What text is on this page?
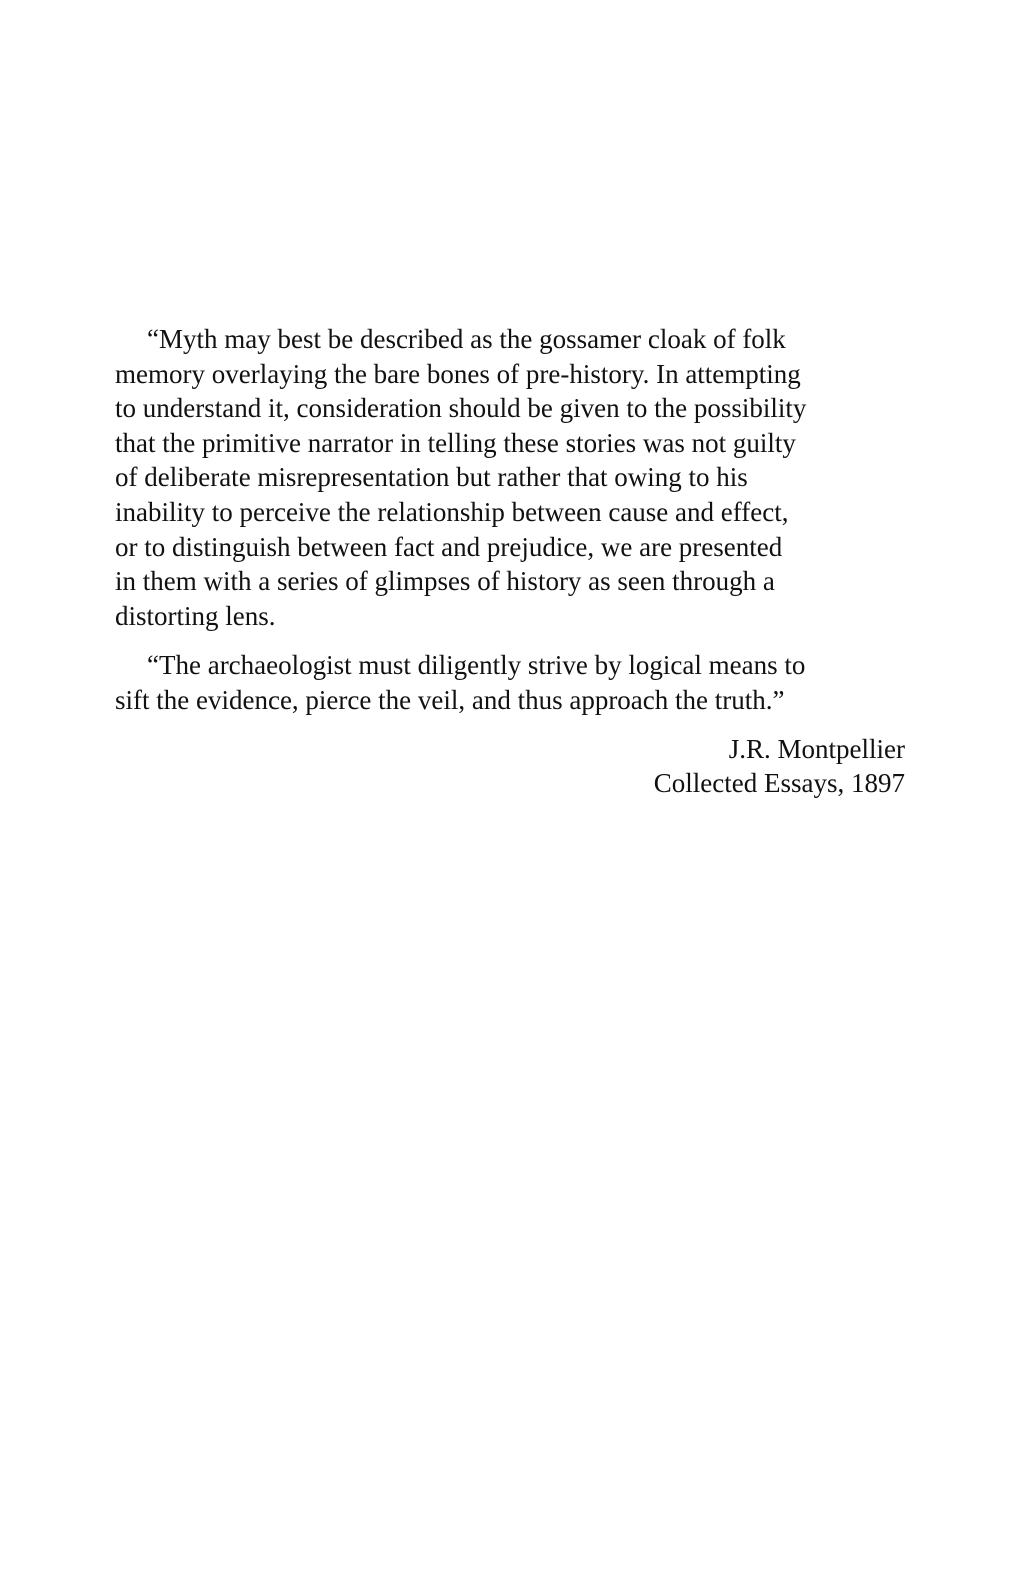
“Myth may best be described as the gossamer cloak of folk
memory overlaying the bare bones of pre-history. In attempting
to understand it, consideration should be given to the possibility
that the primitive narrator in telling these stories was not guilty
of deliberate misrepresentation but rather that owing to his
inability to perceive the relationship between cause and effect,
or to distinguish between fact and prejudice, we are presented
in them with a series of glimpses of history as seen through a
distorting lens.

“The archaeologist must diligently strive by logical means to
sift the evidence, pierce the veil, and thus approach the truth.”

J.R. Montpellier
Collected Essays, 1897
